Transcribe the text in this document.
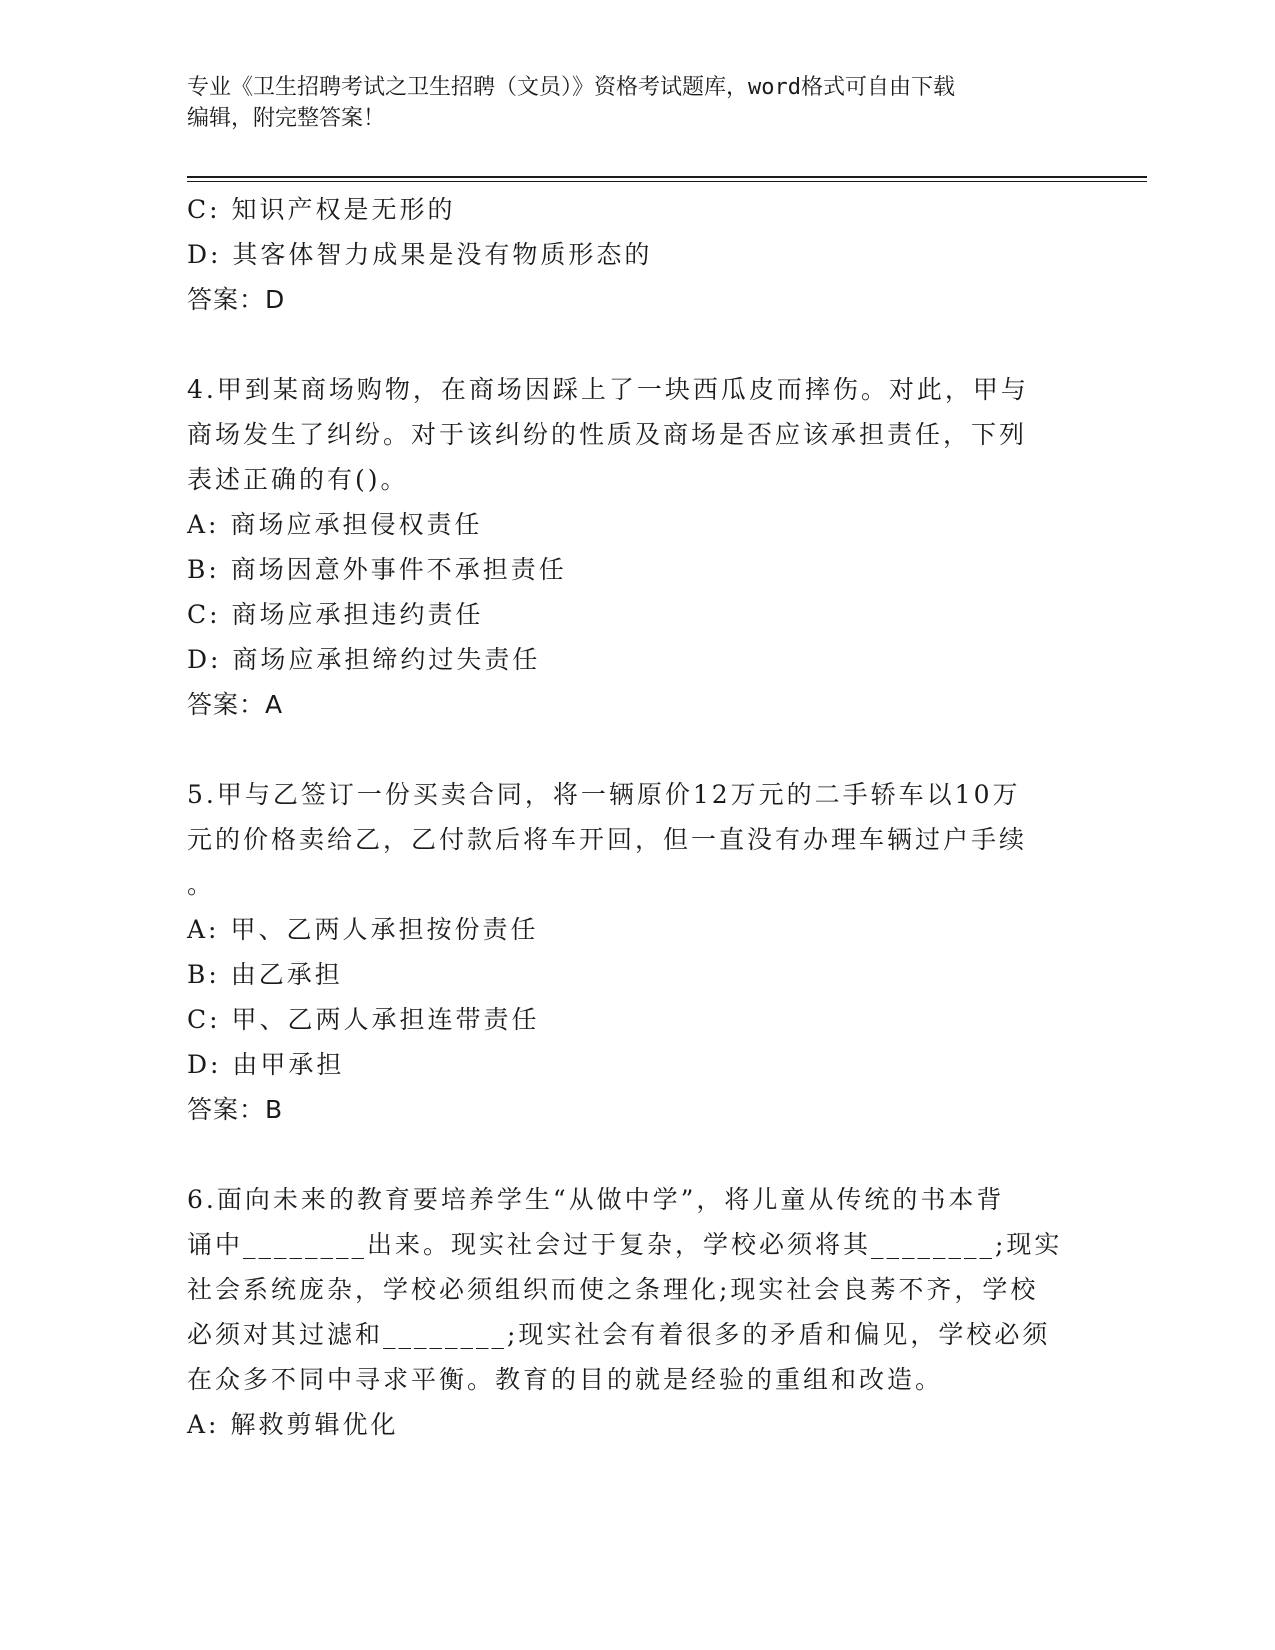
专业《卫生招聘考试之卫生招聘（文员）》资格考试题库，word格式可自由下载
编辑，附完整答案！
C: 知识产权是无形的
D: 其客体智力成果是没有物质形态的
答案：D
4.甲到某商场购物，在商场因踩上了一块西瓜皮而摔伤。对此，甲与
商场发生了纠纷。对于该纠纷的性质及商场是否应该承担责任，下列
表述正确的有()。
A: 商场应承担侵权责任
B: 商场因意外事件不承担责任
C: 商场应承担违约责任
D: 商场应承担缔约过失责任
答案：A
5.甲与乙签订一份买卖合同，将一辆原价12万元的二手轿车以10万
元的价格卖给乙，乙付款后将车开回，但一直没有办理车辆过户手续
。
A: 甲、乙两人承担按份责任
B: 由乙承担
C: 甲、乙两人承担连带责任
D: 由甲承担
答案：B
6.面向未来的教育要培养学生“从做中学”，将儿童从传统的书本背
诵中________出来。现实社会过于复杂，学校必须将其________;现实
社会系统庞杂，学校必须组织而使之条理化;现实社会良莠不齐，学校
必须对其过滤和________;现实社会有着很多的矛盾和偏见，学校必须
在众多不同中寻求平衡。教育的目的就是经验的重组和改造。
A: 解救剪辑优化
